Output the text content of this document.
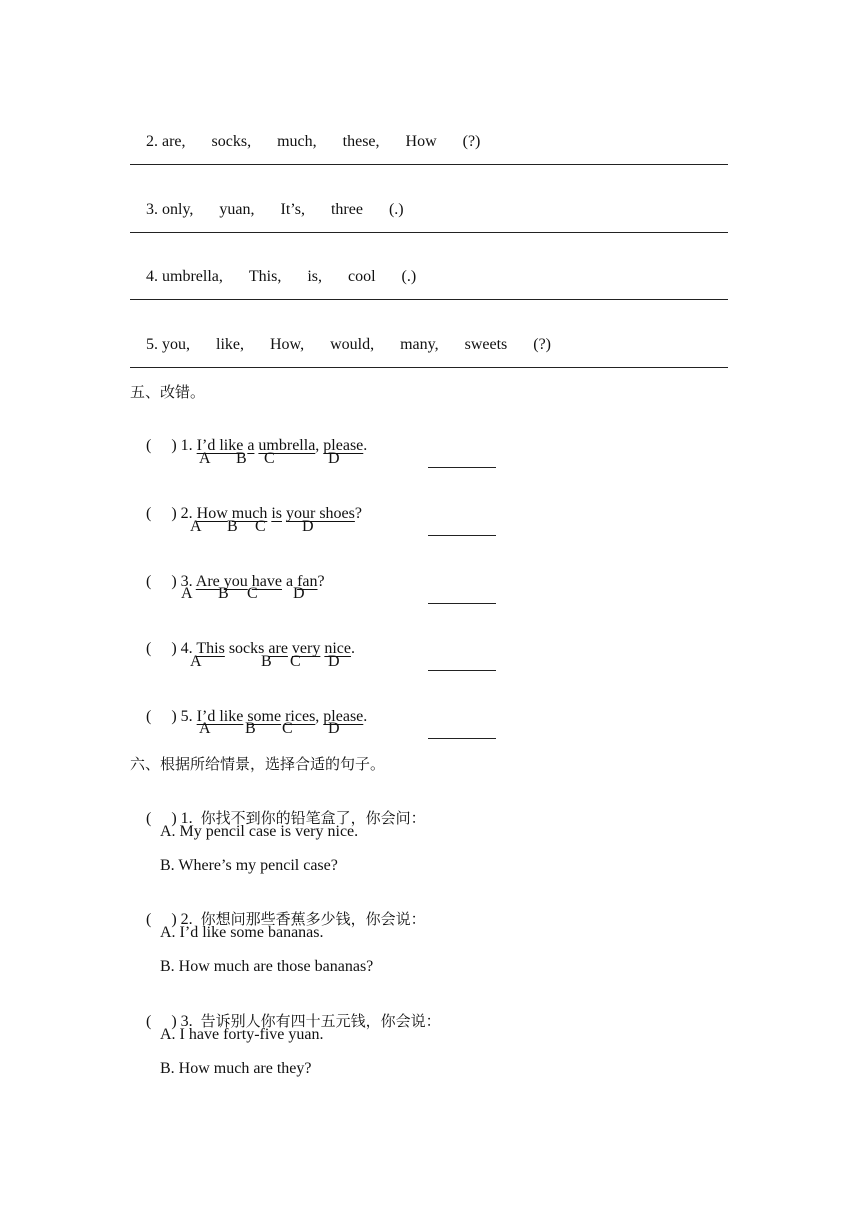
2. are, socks, much, these, How (?)

3. only, yuan, It’s, three (.)

4. umbrella, This, is, cool (.)

5. you, like, How, would, many, sweets (?)

五、改错。

(     ) 1. I’d like a umbrella, please.

A B C	D

(     ) 2. How much is your shoes?

A B C D

(     ) 3. Are you have a fan?

A B C D

(     ) 4. This socks are very nice.

A	B C D

(     ) 5. I’d like some rices, please.

A B C D
六、根据所给情景，选择合适的句子。

(     ) 1. 你找不到你的铅笔盒了，你会问：

A. My pencil case is very nice.
B. Where’s my pencil case?

(     ) 2. 你想问那些香蕉多少钱，你会说：

A. I’d like some bananas.
B. How much are those bananas?

(     ) 3. 告诉别人你有四十五元钱，你会说：

A. I have forty-five yuan.
B. How much are they?
